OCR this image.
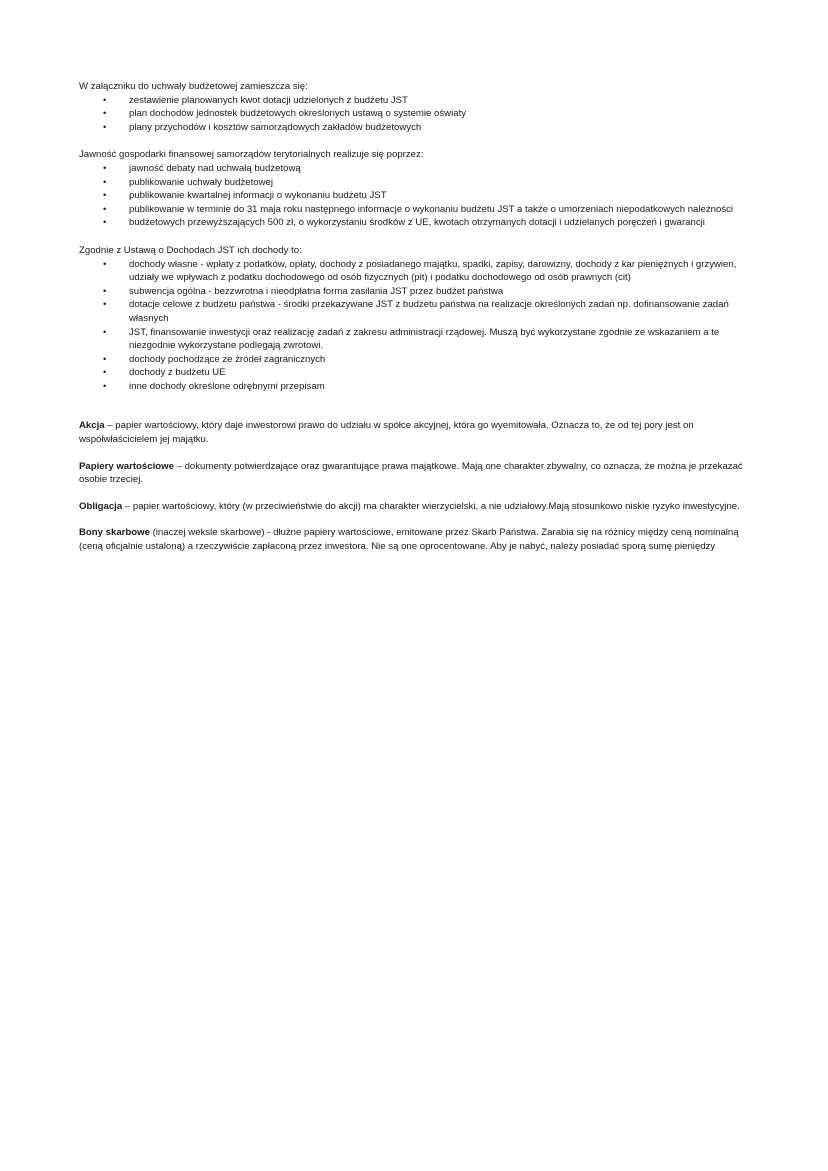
W załączniku do uchwały budżetowej zamieszcza się:

• zestawienie planowanych kwot dotacji udzielonych z budżetu JST
• plan dochodów jednostek budżetowych określonych ustawą o systemie oświaty
• plany przychodów i kosztów samorządowych zakładów budżetowych

Jawność gospodarki finansowej samorządów terytorialnych realizuje się poprzez:

• jawność debaty nad uchwałą budżetową
• publikowanie uchwały budżetowej
• publikowanie kwartalnej informacji o wykonaniu budżetu JST
• publikowanie w terminie do 31 maja roku następnego informacje o wykonaniu budżetu JST a także o umorzeniach niepodatkowych należności
• budżetowych przewyższających 500 zł, o wykorzystaniu środków z UE, kwotach otrzymanych dotacji i udzielanych poręczeń i gwarancji

Zgodnie z Ustawą o Dochodach JST ich dochody to:

• dochody własne - wpłaty z podatków, opłaty, dochody z posiadanego majątku, spadki, zapisy, darowizny, dochody z kar pieniężnych i grzywien, udziały we wpływach z podatku dochodowego od osób fizycznych (pit) i podatku dochodowego od osób prawnych (cit)
• subwencja ogólna - bezzwrotna i nieodpłatna forma zasilania JST przez budżet państwa
• dotacje celowe z budżetu państwa - środki przekazywane JST z budżetu państwa na realizacje określonych zadań np. dofinansowanie zadań własnych
• JST, finansowanie inwestycji oraz realizację zadań z zakresu administracji rządowej. Muszą być wykorzystane zgodnie ze wskazaniem a te niezgodnie wykorzystane podlegają zwrotowi.
• dochody pochodzące ze źródeł zagranicznych
• dochody z budżetu UE
• inne dochody określone odrębnymi przepisam

Akcja – papier wartościowy, który daje inwestorowi prawo do udziału w spółce akcyjnej, która go wyemitowała. Oznacza to, że od tej pory jest on współwłaścicielem jej majątku.

Papiery wartościowe – dokumenty potwierdzające oraz gwarantujące prawa majątkowe. Mają one charakter zbywalny, co oznacza, że można je przekazać osobie trzeciej.

Obligacja – papier wartościowy, który (w przeciwieństwie do akcji) ma charakter wierzycielski, a nie udziałowy.Mają stosunkowo niskie ryzyko inwestycyjne.

Bony skarbowe (inaczej weksle skarbowe) - dłużne papiery wartościowe, emitowane przez Skarb Państwa. Zarabia się na różnicy między ceną nominalną (ceną oficjalnie ustaloną) a rzeczywiście zapłaconą przez inwestora. Nie są one oprocentowane. Aby je nabyć, należy posiadać sporą sumę pieniędzy
